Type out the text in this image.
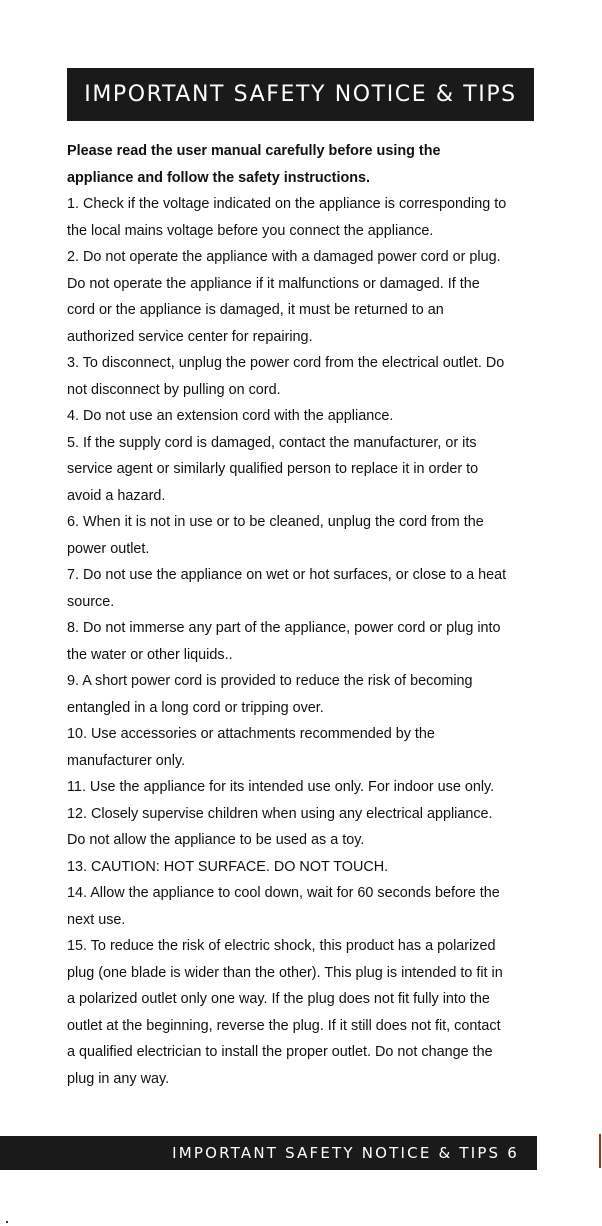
IMPORTANT SAFETY NOTICE & TIPS
Please read the user manual carefully before using the
appliance and follow the safety instructions.
1. Check if the voltage indicated on the appliance is corresponding to
the local mains voltage before you connect the appliance.
2. Do not operate the appliance with a damaged power cord or plug.
Do not operate the appliance if it malfunctions or damaged. If the
cord or the appliance is damaged, it must be returned to an
authorized service center for repairing.
3. To disconnect, unplug the power cord from the electrical outlet. Do
not disconnect by pulling on cord.
4. Do not use an extension cord with the appliance.
5. If the supply cord is damaged, contact the manufacturer, or its
service agent or similarly qualified person to replace it in order to
avoid a hazard.
6. When it is not in use or to be cleaned, unplug the cord from the
power outlet.
7. Do not use the appliance on wet or hot surfaces, or close to a heat
source.
8. Do not immerse any part of the appliance, power cord or plug into
the water or other liquids..
9. A short power cord is provided to reduce the risk of becoming
entangled in a long cord or tripping over.
10. Use accessories or attachments recommended by the
manufacturer only.
11. Use the appliance for its intended use only. For indoor use only.
12. Closely supervise children when using any electrical appliance.
Do not allow the appliance to be used as a toy.
13. CAUTION: HOT SURFACE. DO NOT TOUCH.
14. Allow the appliance to cool down, wait for 60 seconds before the
next use.
15. To reduce the risk of electric shock, this product has a polarized
plug (one blade is wider than the other). This plug is intended to fit in
a polarized outlet only one way. If the plug does not fit fully into the
outlet at the beginning, reverse the plug. If it still does not fit, contact
a qualified electrician to install the proper outlet. Do not change the
plug in any way.
IMPORTANT SAFETY NOTICE & TIPS 6
